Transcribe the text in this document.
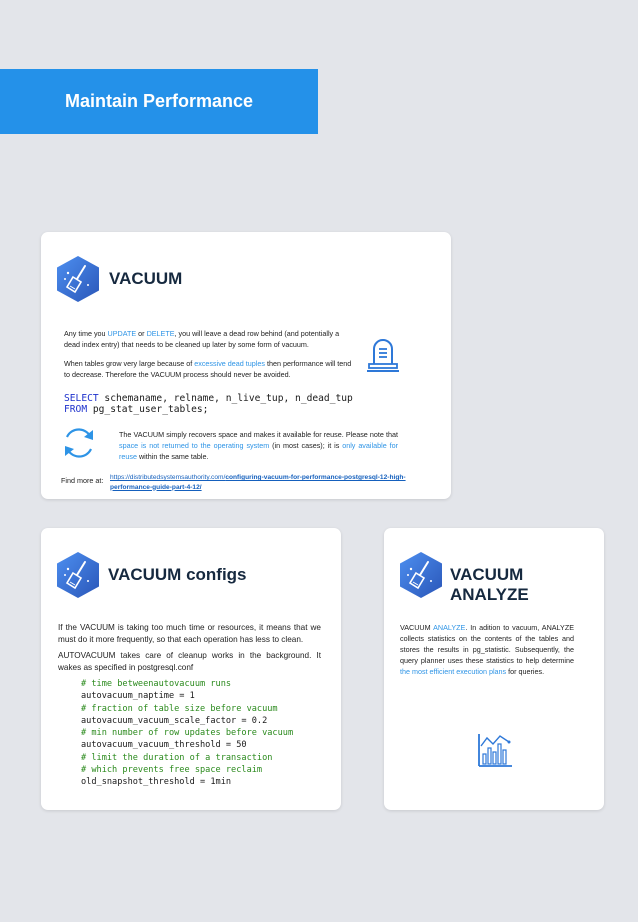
Maintain Performance
VACUUM

Any time you UPDATE or DELETE, you will leave a dead row behind (and potentially a dead index entry) that needs to be cleaned up later by some form of vacuum.

When tables grow very large because of excessive dead tuples then performance will tend to decrease. Therefore the VACUUM process should never be avoided.

SELECT schemaname, relname, n_live_tup, n_dead_tup
FROM pg_stat_user_tables;

The VACUUM simply recovers space and makes it available for reuse. Please note that space is not returned to the operating system (in most cases); it is only available for reuse within the same table.

Find more at: https://distributedsystemsauthority.com/configuring-vacuum-for-performance-postgresql-12-high-performance-guide-part-4-12/
VACUUM configs

If the VACUUM is taking too much time or resources, it means that we must do it more frequently, so that each operation has less to clean.

AUTOVACUUM takes care of cleanup works in the background. It wakes as specified in postgresql.conf

# time betweenautovacuum runs
autovacuum_naptime = 1
# fraction of table size before vacuum
autovacuum_vacuum_scale_factor = 0.2
# min number of row updates before vacuum
autovacuum_vacuum_threshold = 50
# limit the duration of a transaction
# which prevents free space reclaim
old_snapshot_threshold = 1min
VACUUM ANALYZE

VACUUM ANALYZE. In adition to vacuum, ANALYZE collects statistics on the contents of the tables and stores the results in pg_statistic. Subsequently, the query planner uses these statistics to help determine the most efficient execution plans for queries.
